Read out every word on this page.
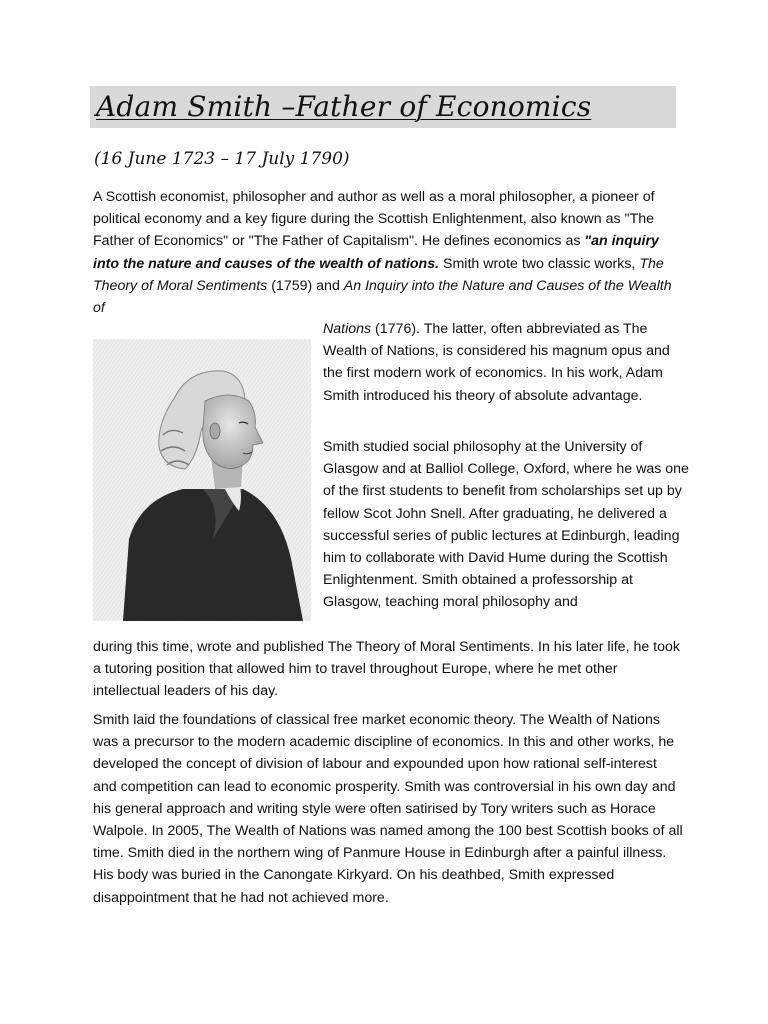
Adam Smith –Father of Economics

(16 June 1723 – 17 July 1790)

A Scottish economist, philosopher and author as well as a moral philosopher, a pioneer of political economy and a key figure during the Scottish Enlightenment, also known as "The Father of Economics" or "The Father of Capitalism". He defines economics as "an inquiry into the nature and causes of the wealth of nations. Smith wrote two classic works, The Theory of Moral Sentiments (1759) and An Inquiry into the Nature and Causes of the Wealth of

Nations (1776). The latter, often abbreviated as The Wealth of Nations, is considered his magnum opus and the first modern work of economics. In his work, Adam Smith introduced his theory of absolute advantage.

Smith studied social philosophy at the University of Glasgow and at Balliol College, Oxford, where he was one of the first students to benefit from scholarships set up by fellow Scot John Snell. After graduating, he delivered a successful series of public lectures at Edinburgh, leading him to collaborate with David Hume during the Scottish Enlightenment. Smith obtained a professorship at Glasgow, teaching moral philosophy and

during this time, wrote and published The Theory of Moral Sentiments. In his later life, he took a tutoring position that allowed him to travel throughout Europe, where he met other intellectual leaders of his day.

Smith laid the foundations of classical free market economic theory. The Wealth of Nations was a precursor to the modern academic discipline of economics. In this and other works, he developed the concept of division of labour and expounded upon how rational self-interest and competition can lead to economic prosperity. Smith was controversial in his own day and his general approach and writing style were often satirised by Tory writers such as Horace Walpole. In 2005, The Wealth of Nations was named among the 100 best Scottish books of all time. Smith died in the northern wing of Panmure House in Edinburgh after a painful illness. His body was buried in the Canongate Kirkyard. On his deathbed, Smith expressed disappointment that he had not achieved more.
